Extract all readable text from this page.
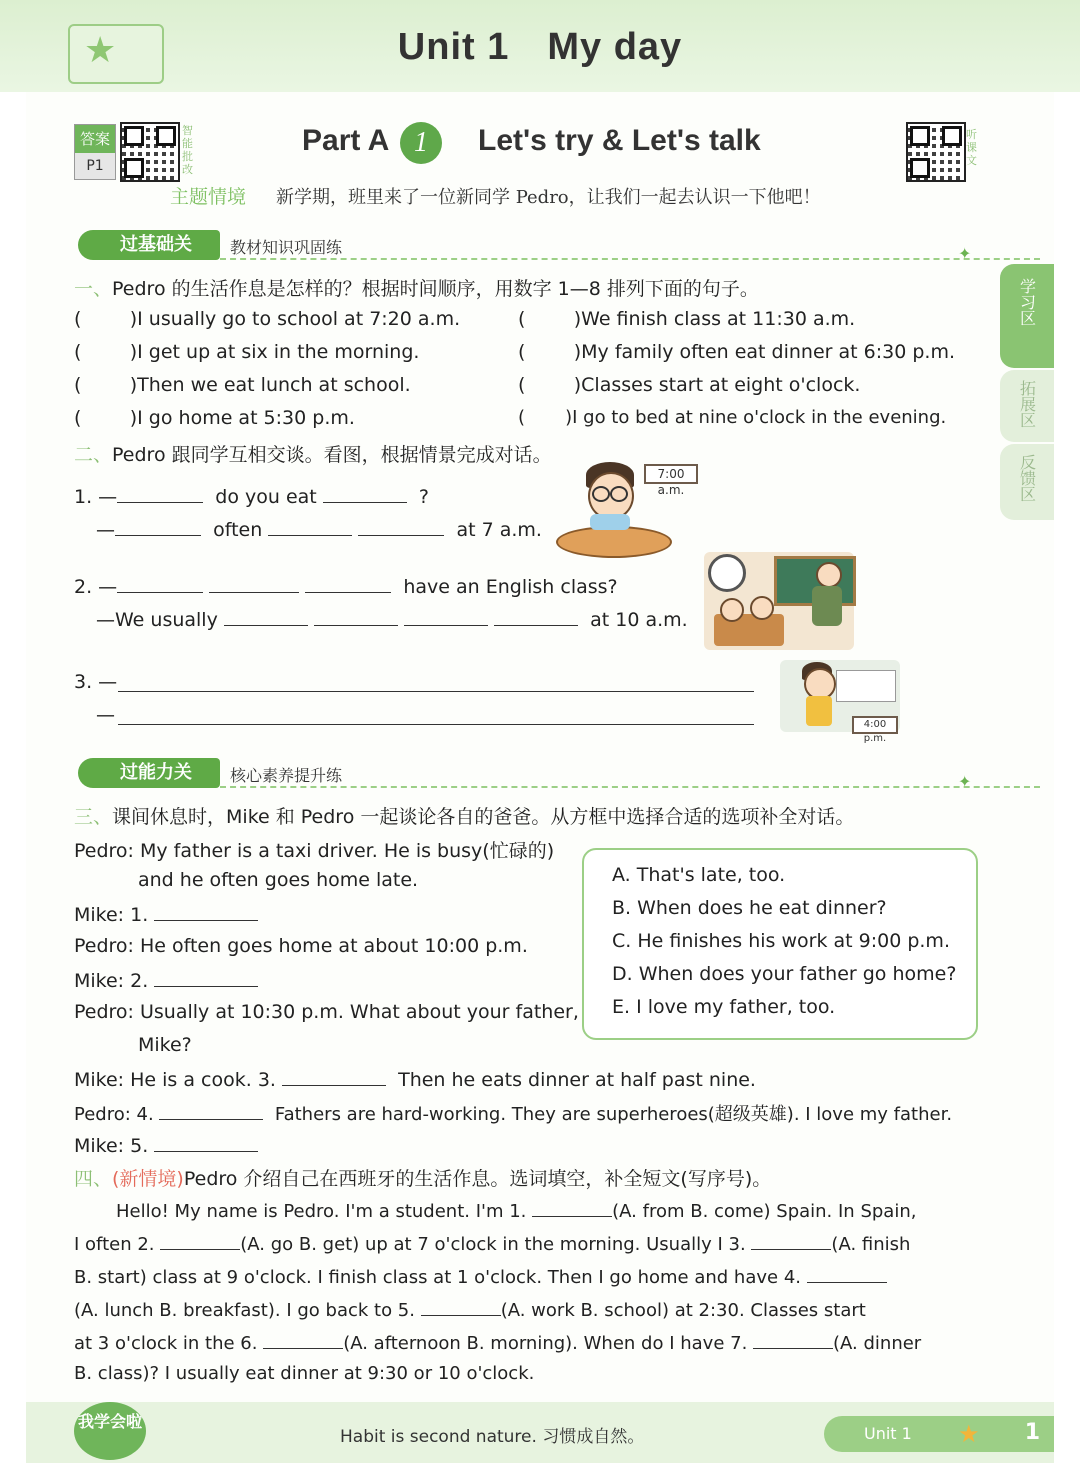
★	Unit 1 My day
答案
P1
智能批改
Part A 1	Let's try & Let's talk	听课文
主题情境 新学期，班里来了一位新同学 Pedro，让我们一起去认识一下他吧！
过基础关	教材知识巩固练	✦
一、Pedro 的生活作息是怎样的？根据时间顺序，用数字 1—8 排列下面的句子。
(        )I usually go to school at 7:20 a.m.
(        )I get up at six in the morning.
(        )Then we eat lunch at school.
(        )I go home at 5:30 p.m.
(        )We finish class at 11:30 a.m.
(        )My family often eat dinner at 6:30 p.m.
(        )Classes start at eight o'clock.
(       )I go to bed at nine o'clock in the evening.
二、Pedro 跟同学互相交谈。看图，根据情景完成对话。
1. —	do you eat	?
—	often	at 7 a.m.
2. —	have an English class?
—We usually	at 10 a.m.
3. —
—
7:00 a.m.
4:00 p.m.
过能力关	核心素养提升练	✦
三、课间休息时，Mike 和 Pedro 一起谈论各自的爸爸。从方框中选择合适的选项补全对话。
Pedro: My father is a taxi driver. He is busy(忙碌的)
and he often goes home late.
Mike: 1.
Pedro: He often goes home at about 10:00 p.m.
Mike: 2.
Pedro: Usually at 10:30 p.m. What about your father,
Mike?
Mike: He is a cook. 3.	Then he eats dinner at half past nine.
Pedro: 4.	Fathers are hard-working. They are superheroes(超级英雄). I love my father.
Mike: 5.
A. That's late, too.
B. When does he eat dinner?
C. He finishes his work at 9:00 p.m.
D. When does your father go home?
E. I love my father, too.
四、(新情境)Pedro 介绍自己在西班牙的生活作息。选词填空，补全短文(写序号)。
Hello! My name is Pedro. I'm a student. I'm 1.	(A. from B. come) Spain. In Spain,
I often 2.	(A. go B. get) up at 7 o'clock in the morning. Usually I 3.	(A. finish
B. start) class at 9 o'clock. I finish class at 1 o'clock. Then I go home and have 4.
(A. lunch B. breakfast). I go back to 5.	(A. work B. school) at 2:30. Classes start
at 3 o'clock in the 6.	(A. afternoon B. morning). When do I have 7.	(A. dinner
B. class)? I usually eat dinner at 9:30 or 10 o'clock.
学习区
拓展区
反馈区
Habit is second nature. 习惯成自然。	Unit 1 ★ 1
我学会啦
